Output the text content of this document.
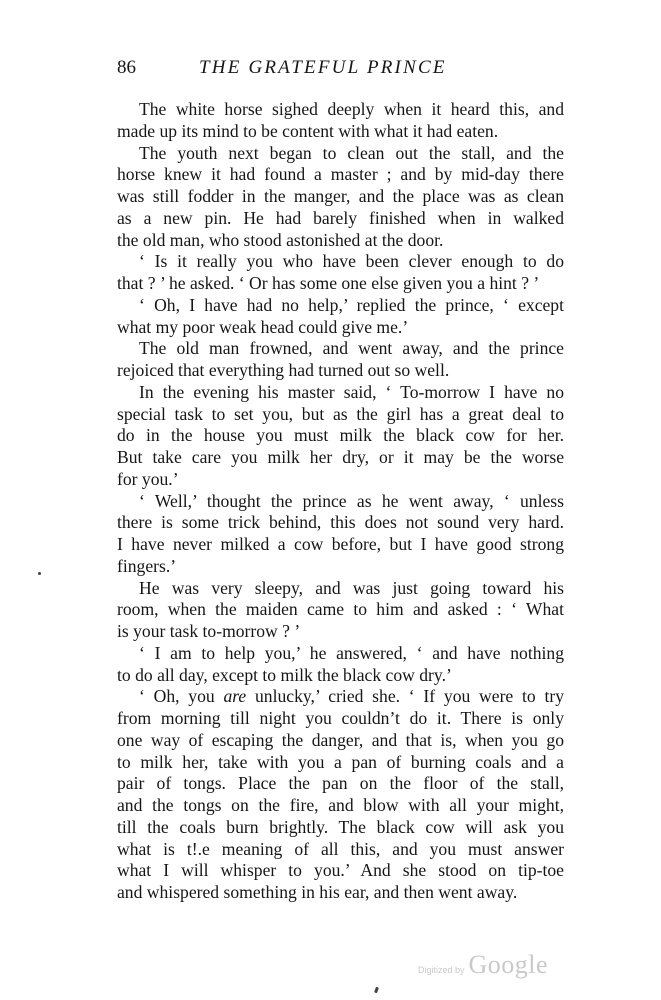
86	THE GRATEFUL PRINCE
The white horse sighed deeply when it heard this, and
made up its mind to be content with what it had eaten.
The youth next began to clean out the stall, and the
horse knew it had found a master ; and by mid-day there
was still fodder in the manger, and the place was as clean
as a new pin. He had barely finished when in walked
the old man, who stood astonished at the door.
‘ Is it really you who have been clever enough to do
that ? ’ he asked. ‘ Or has some one else given you a hint ? ’
‘ Oh, I have had no help,’ replied the prince, ‘ except
what my poor weak head could give me.’
The old man frowned, and went away, and the prince
rejoiced that everything had turned out so well.
In the evening his master said, ‘ To-morrow I have no
special task to set you, but as the girl has a great deal to
do in the house you must milk the black cow for her.
But take care you milk her dry, or it may be the worse
for you.’
‘ Well,’ thought the prince as he went away, ‘ unless
there is some trick behind, this does not sound very hard.
I have never milked a cow before, but I have good strong
fingers.’
He was very sleepy, and was just going toward his
room, when the maiden came to him and asked : ‘ What
is your task to-morrow ? ’
‘ I am to help you,’ he answered, ‘ and have nothing
to do all day, except to milk the black cow dry.’
‘ Oh, you are unlucky,’ cried she. ‘ If you were to try
from morning till night you couldn’t do it. There is only
one way of escaping the danger, and that is, when you go
to milk her, take with you a pan of burning coals and a
pair of tongs. Place the pan on the floor of the stall,
and the tongs on the fire, and blow with all your might,
till the coals burn brightly. The black cow will ask you
what is t!.e meaning of all this, and you must answer
what I will whisper to you.’ And she stood on tip-toe
and whispered something in his ear, and then went away.
Digitized by Google
